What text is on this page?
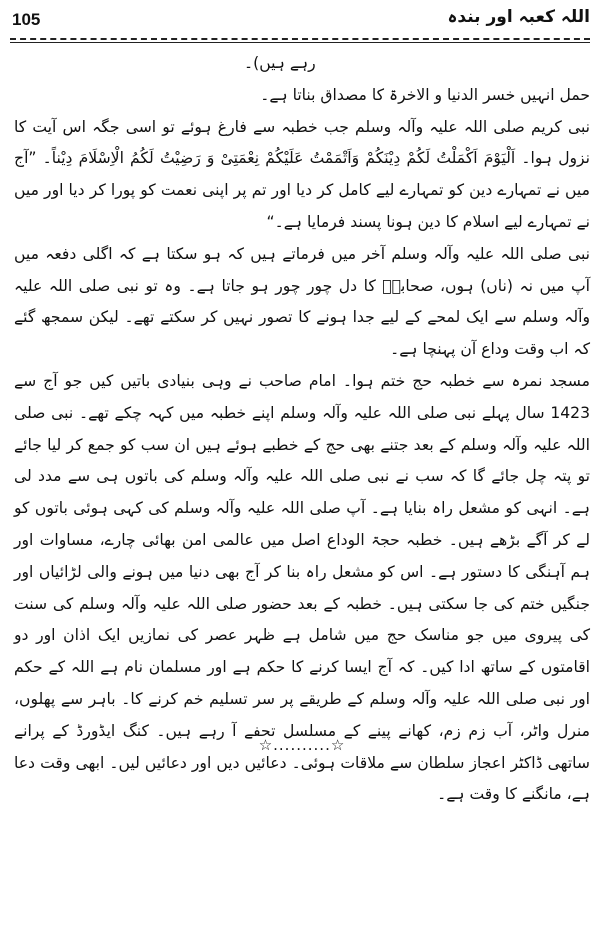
105	اللہ کعبہ اور بندہ

رہے ہیں)۔

حمل انہیں خسر الدنیا و الاخرۃ کا مصداق بناتا ہے۔

نبی کریم صلی اللہ علیہ وآلہ وسلم جب خطبہ سے فارغ ہوئے تو اسی جگہ اس آیت کا نزول ہوا۔ اَلْیَوْمَ اَکْمَلْتُ لَکُمْ دِیْنَکُمْ وَاَتْمَمْتُ عَلَیْکُمْ نِعْمَتِیْ وَ رَضِیْتُ لَکُمُ الْاِسْلَامَ دِیْناً۔ ”آج میں نے تمہارے دین کو تمہارے لیے کامل کر دیا اور تم پر اپنی نعمت کو پورا کر دیا اور میں نے تمہارے لیے اسلام کا دین ہونا پسند فرمایا ہے۔“

نبی صلی اللہ علیہ وآلہ وسلم آخر میں فرماتے ہیں کہ ہو سکتا ہے کہ اگلی دفعہ میں آپ میں نہ (ناں) ہوں، صحابہؓ کا دل چور چور ہو جاتا ہے۔ وہ تو نبی صلی اللہ علیہ وآلہ وسلم سے ایک لمحے کے لیے جدا ہونے کا تصور نہیں کر سکتے تھے۔ لیکن سمجھ گئے کہ اب وقت وداع آن پہنچا ہے۔

مسجد نمرہ سے خطبہ حج ختم ہوا۔ امام صاحب نے وہی بنیادی باتیں کیں جو آج سے 1423 سال پہلے نبی صلی اللہ علیہ وآلہ وسلم اپنے خطبہ میں کہہ چکے تھے۔ نبی صلی اللہ علیہ وآلہ وسلم کے بعد جتنے بھی حج کے خطبے ہوئے ہیں ان سب کو جمع کر لیا جائے تو پتہ چل جائے گا کہ سب نے نبی صلی اللہ علیہ وآلہ وسلم کی باتوں ہی سے مدد لی ہے۔ انہی کو مشعل راہ بنایا ہے۔ آپ صلی اللہ علیہ وآلہ وسلم کی کہی ہوئی باتوں کو لے کر آگے بڑھے ہیں۔ خطبہ حجۃ الوداع اصل میں عالمی امن بھائی چارے، مساوات اور ہم آہنگی کا دستور ہے۔ اس کو مشعل راہ بنا کر آج بھی دنیا میں ہونے والی لڑائیاں اور جنگیں ختم کی جا سکتی ہیں۔ خطبہ کے بعد حضور صلی اللہ علیہ وآلہ وسلم کی سنت کی پیروی میں جو مناسک حج میں شامل ہے ظہر عصر کی نمازیں ایک اذان اور دو اقامتوں کے ساتھ ادا کیں۔ کہ آج ایسا کرنے کا حکم ہے اور مسلمان نام ہے اللہ کے حکم اور نبی صلی اللہ علیہ وآلہ وسلم کے طریقے پر سر تسلیم خم کرنے کا۔ باہر سے پھلوں، منرل واٹر، آب زم زم، کھانے پینے کے مسلسل تحفے آ رہے ہیں۔ کنگ ایڈورڈ کے پرانے ساتھی ڈاکٹر اعجاز سلطان سے ملاقات ہوئی۔ دعائیں دیں اور دعائیں لیں۔ ابھی وقت دعا ہے، مانگنے کا وقت ہے۔

☆..........☆
